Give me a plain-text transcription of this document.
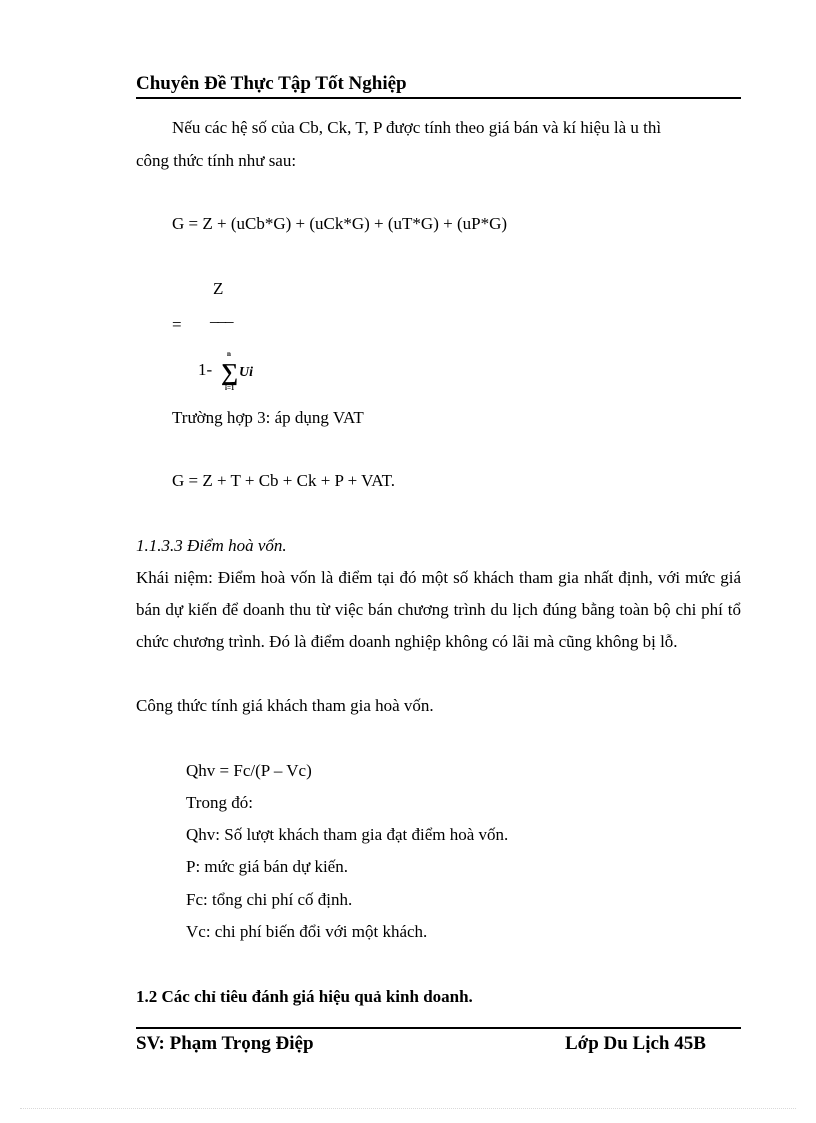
Chuyên Đề Thực Tập Tốt Nghiệp
Nếu các hệ số của Cb, Ck, T, P được tính theo giá bán và kí hiệu là u thì
công thức tính như sau:
G = Z + (uCb*G) + (uCk*G) + (uT*G) + (uP*G)
Z
= ___
1-
n
∑
i=1
Ui
Trường hợp 3: áp dụng VAT
G = Z + T + Cb + Ck + P + VAT.
1.1.3.3 Điểm hoà vốn.
Khái niệm: Điểm hoà vốn là điểm tại đó một số khách tham gia nhất định, với mức giá bán dự kiến để doanh thu từ việc bán chương trình du lịch đúng bằng toàn bộ chi phí tổ chức chương trình. Đó là điểm doanh nghiệp không có lãi mà cũng không bị lỗ.
Công thức tính giá khách tham gia hoà vốn.
Qhv = Fc/(P – Vc)
Trong đó:
Qhv: Số lượt khách tham gia đạt điểm hoà vốn.
P: mức giá bán dự kiến.
Fc: tổng chi phí cố định.
Vc: chi phí biến đổi với một khách.
1.2 Các chỉ tiêu đánh giá hiệu quả kinh doanh.
SV: Phạm Trọng Điệp	Lớp Du Lịch 45B
